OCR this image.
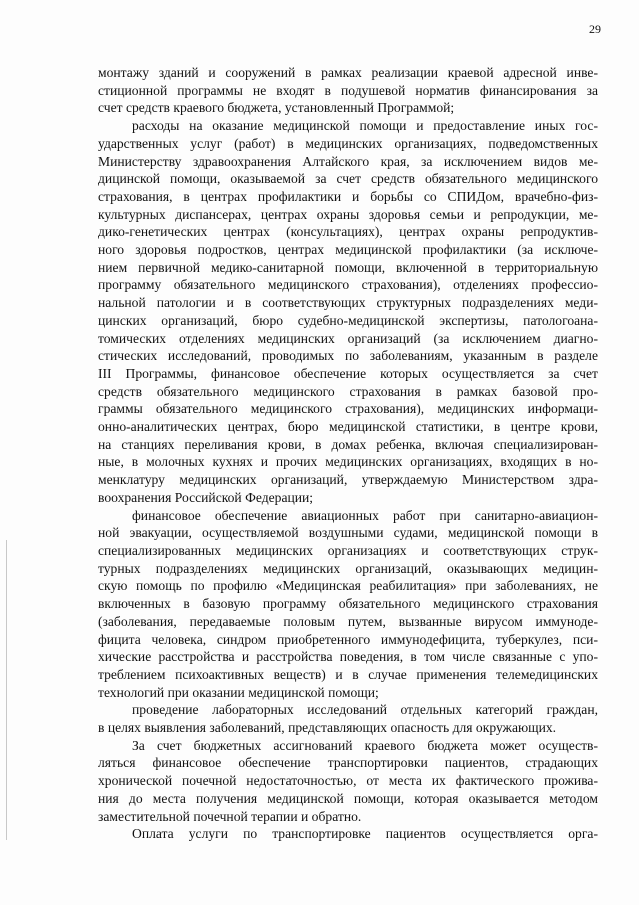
29
монтажу зданий и сооружений в рамках реализации краевой адресной инве-
стиционной программы не входят в подушевой норматив финансирования за
счет средств краевого бюджета, установленный Программой;
расходы на оказание медицинской помощи и предоставление иных гос-
ударственных услуг (работ) в медицинских организациях, подведомственных
Министерству здравоохранения Алтайского края, за исключением видов ме-
дицинской помощи, оказываемой за счет средств обязательного медицинского
страхования, в центрах профилактики и борьбы со СПИДом, врачебно-физ-
культурных диспансерах, центрах охраны здоровья семьи и репродукции, ме-
дико-генетических центрах (консультациях), центрах охраны репродуктив-
ного здоровья подростков, центрах медицинской профилактики (за исключе-
нием первичной медико-санитарной помощи, включенной в территориальную
программу обязательного медицинского страхования), отделениях профессио-
нальной патологии и в соответствующих структурных подразделениях меди-
цинских организаций, бюро судебно-медицинской экспертизы, патологоана-
томических отделениях медицинских организаций (за исключением диагно-
стических исследований, проводимых по заболеваниям, указанным в разделе
III Программы, финансовое обеспечение которых осуществляется за счет
средств обязательного медицинского страхования в рамках базовой про-
граммы обязательного медицинского страхования), медицинских информаци-
онно-аналитических центрах, бюро медицинской статистики, в центре крови,
на станциях переливания крови, в домах ребенка, включая специализирован-
ные, в молочных кухнях и прочих медицинских организациях, входящих в но-
менклатуру медицинских организаций, утверждаемую Министерством здра-
воохранения Российской Федерации;
финансовое обеспечение авиационных работ при санитарно-авиацион-
ной эвакуации, осуществляемой воздушными судами, медицинской помощи в
специализированных медицинских организациях и соответствующих струк-
турных подразделениях медицинских организаций, оказывающих медицин-
скую помощь по профилю «Медицинская реабилитация» при заболеваниях, не
включенных в базовую программу обязательного медицинского страхования
(заболевания, передаваемые половым путем, вызванные вирусом иммуноде-
фицита человека, синдром приобретенного иммунодефицита, туберкулез, пси-
хические расстройства и расстройства поведения, в том числе связанные с упо-
треблением психоактивных веществ) и в случае применения телемедицинских
технологий при оказании медицинской помощи;
проведение лабораторных исследований отдельных категорий граждан,
в целях выявления заболеваний, представляющих опасность для окружающих.
За счет бюджетных ассигнований краевого бюджета может осуществ-
ляться финансовое обеспечение транспортировки пациентов, страдающих
хронической почечной недостаточностью, от места их фактического прожива-
ния до места получения медицинской помощи, которая оказывается методом
заместительной почечной терапии и обратно.
Оплата услуги по транспортировке пациентов осуществляется орга-
